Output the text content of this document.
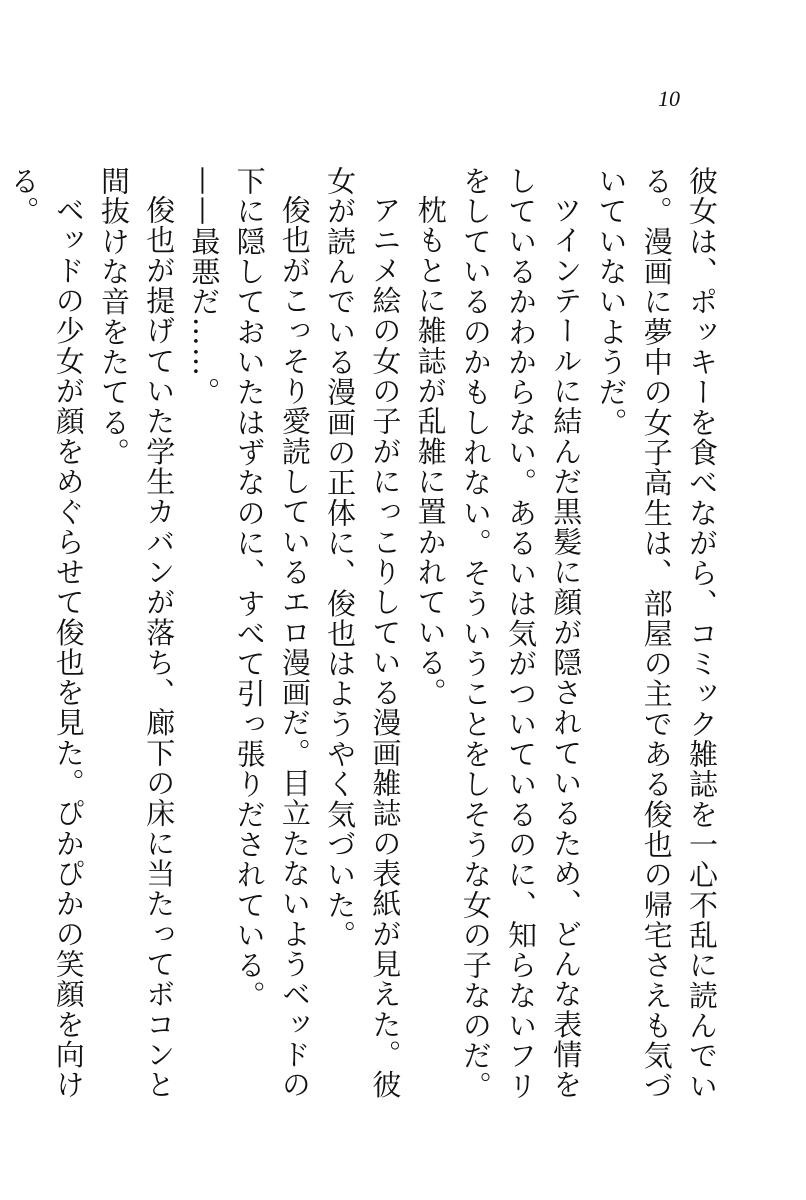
10

彼女は、ポッキーを食べながら、コミック雑誌を一心不乱に読んでいる。漫画に夢中の女子高生は、部屋の主である俊也の帰宅さえも気づいていないようだ。

ツインテールに結んだ黒髪に顔が隠されているため、どんな表情をしているかわからない。あるいは気がついているのに、知らないフリをしているのかもしれない。そういうことをしそうな女の子なのだ。

枕もとに雑誌が乱雑に置かれている。

アニメ絵の女の子がにっこりしている漫画雑誌の表紙が見えた。彼女が読んでいる漫画の正体に、俊也はようやく気づいた。

俊也がこっそり愛読しているエロ漫画だ。目立たないようベッドの下に隠しておいたはずなのに、すべて引っ張りだされている。

——最悪だ……。

俊也が提げていた学生カバンが落ち、廊下の床に当たってボコンと間抜けな音をたてる。

ベッドの少女が顔をめぐらせて俊也を見た。ぴかぴかの笑顔を向ける。
